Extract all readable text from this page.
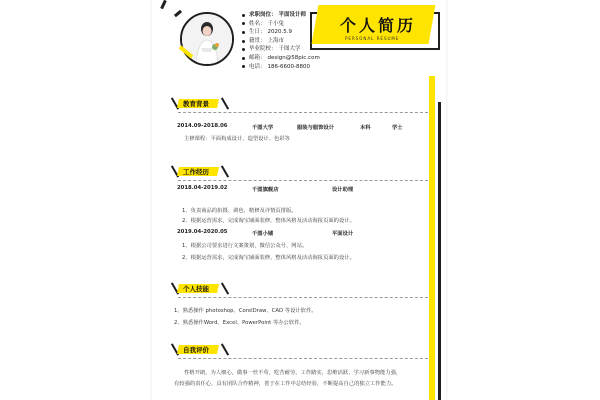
求职岗位： 平面设计师
姓名： 千小兔
生日： 2020.5.9
籍贯： 上海市
毕业院校： 千图大学
邮箱： design@58pic.com
电话： 186-6600-8800
个人简历
PERSONAL RESUME
教育背景
2014.09-2018.06	千图大学	服装与服饰设计	本科	学士
主修课程：平面构成设计、造型设计、色彩等
工作经历
2018.04-2019.02	千图旗舰店	设计助理
1、负责商品的拍摄、调色、精修及详情页排版。
2、根据运营需求，完成淘宝铺面装修，整体风格及活动海报页面的设计。
2019.04-2020.05	千图小铺	平面设计
1、根据公司要求进行文案策划，微信公众号、网站。
2、根据运营需求，完成淘宝铺面装修，整体风格及活动海报页面的设计。
个人技能
1、熟悉操作 photoshop、CorelDraw、CAD 等设计软件。
2、熟悉操作Word、Excel、PowerPoint 等办公软件。
自我评价
性格开朗，为人细心，做事一丝不苟，吃苦耐劳，工作踏实，思维活跃，学习新事物能力强，
有较强的责任心，具有团队合作精神，善于在工作中总结经验，不断提高自己的独立工作能力。
